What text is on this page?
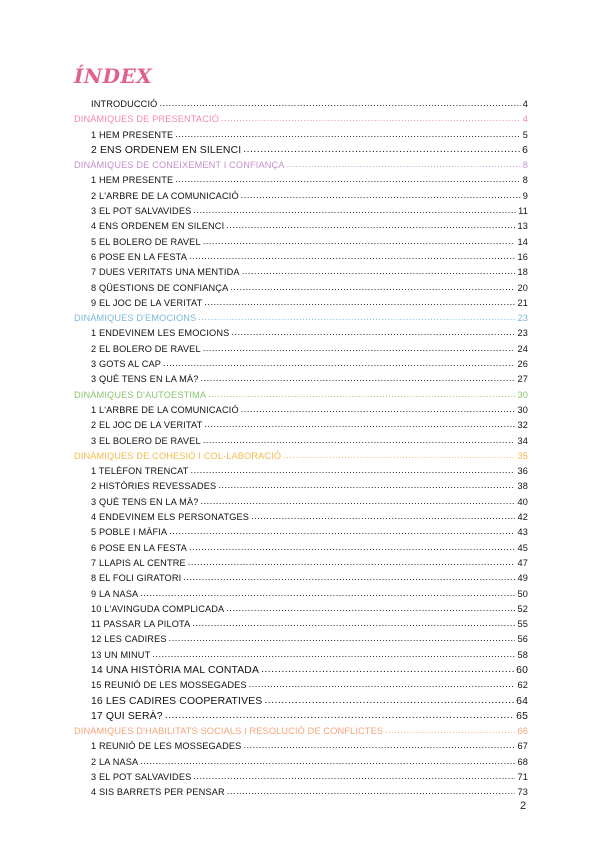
ÍNDEX
INTRODUCCIÓ .....	4
DINÀMIQUES DE PRESENTACIÓ .....	4
1 HEM PRESENTE .....	5
2 ENS ORDENEM EN SILENCI .....	6
DINÀMIQUES DE CONEIXEMENT I CONFIANÇA .....	8
1 HEM PRESENTE .....	8
2 L'ARBRE DE LA COMUNICACIÓ .....	9
3 EL POT SALVAVIDES .....	11
4 ENS ORDENEM EN SILENCI .....	13
5 EL BOLERO DE RAVEL .....	14
6 POSE EN LA FESTA .....	16
7 DUES VERITATS UNA MENTIDA .....	18
8 QÜESTIONS DE CONFIANÇA .....	20
9 EL JOC DE LA VERITAT .....	21
DINÀMIQUES D'EMOCIONS .....	23
1 ENDEVINEM LES EMOCIONS .....	23
2 EL BOLERO DE RAVEL .....	24
3 GOTS AL CAP .....	26
3 QUÈ TENS EN LA MÀ? .....	27
DINÀMIQUES D'AUTOESTIMA .....	30
1 L'ARBRE DE LA COMUNICACIÓ .....	30
2 EL JOC DE LA VERITAT .....	32
3 EL BOLERO DE RAVEL .....	34
DINÀMIQUES DE COHESIÓ I COL·LABORACIÓ .....	35
1 TELÈFON TRENCAT .....	36
2 HISTÒRIES REVESSADES .....	38
3 QUÈ TENS EN LA MÀ? .....	40
4 ENDEVINEM ELS PERSONATGES .....	42
5 POBLE I MÀFIA .....	43
6 POSE EN LA FESTA .....	45
7 LLAPIS AL CENTRE .....	47
8 EL FOLI GIRATORI .....	49
9 LA NASA .....	50
10 L'AVINGUDA COMPLICADA .....	52
11 PASSAR LA PILOTA .....	55
12 LES CADIRES .....	56
13 UN MINUT .....	58
14 UNA HISTÒRIA MAL CONTADA .....	60
15 REUNIÓ DE LES MOSSEGADES .....	62
16 LES CADIRES COOPERATIVES .....	64
17 QUI SERÀ? .....	65
DINÀMIQUES D'HABILITATS SOCIALS I RESOLUCIÓ DE CONFLICTES .....	66
1 REUNIÓ DE LES MOSSEGADES .....	67
2 LA NASA .....	68
3 EL POT SALVAVIDES .....	71
4 SIS BARRETS PER PENSAR .....	73
2
